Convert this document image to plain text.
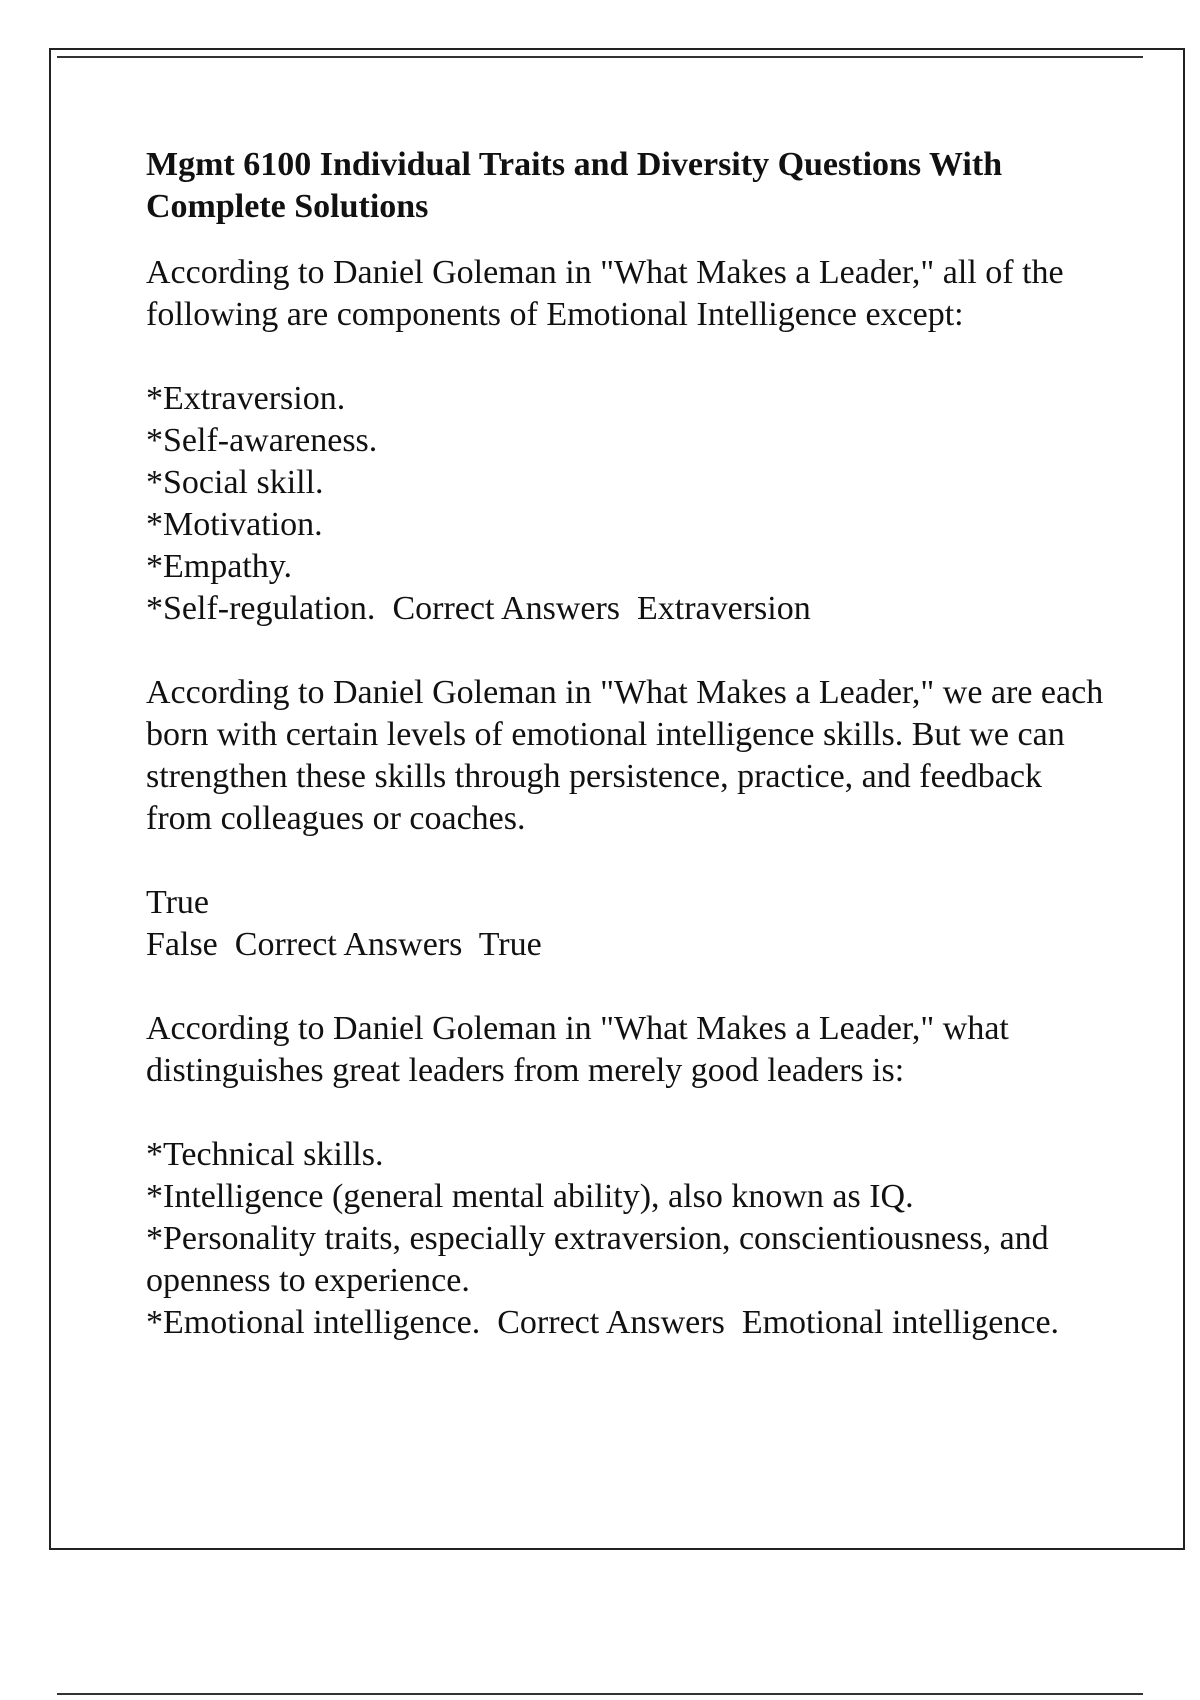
Mgmt 6100 Individual Traits and Diversity Questions With Complete Solutions
According to Daniel Goleman in "What Makes a Leader," all of the following are components of Emotional Intelligence except:
*Extraversion.
*Self-awareness.
*Social skill.
*Motivation.
*Empathy.
*Self-regulation. Correct Answers Extraversion
According to Daniel Goleman in "What Makes a Leader," we are each born with certain levels of emotional intelligence skills. But we can strengthen these skills through persistence, practice, and feedback from colleagues or coaches.
True
False Correct Answers True
According to Daniel Goleman in "What Makes a Leader," what distinguishes great leaders from merely good leaders is:
*Technical skills.
*Intelligence (general mental ability), also known as IQ.
*Personality traits, especially extraversion, conscientiousness, and openness to experience.
*Emotional intelligence. Correct Answers Emotional intelligence.
